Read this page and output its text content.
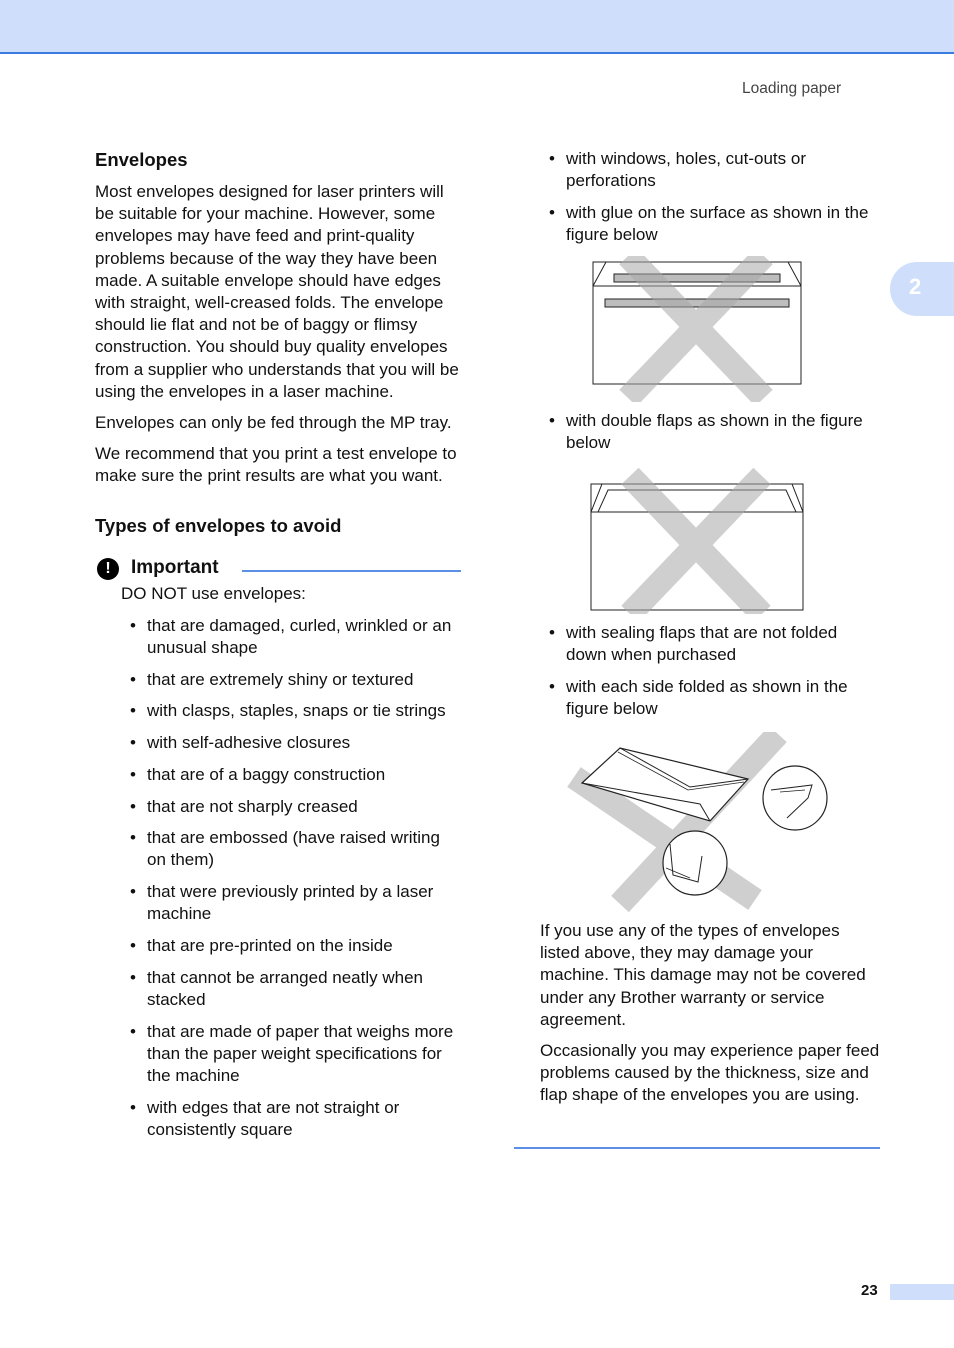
Loading paper
2
Envelopes

Most envelopes designed for laser printers will be suitable for your machine. However, some envelopes may have feed and print-quality problems because of the way they have been made. A suitable envelope should have edges with straight, well-creased folds. The envelope should lie flat and not be of baggy or flimsy construction. You should buy quality envelopes from a supplier who understands that you will be using the envelopes in a laser machine.

Envelopes can only be fed through the MP tray.

We recommend that you print a test envelope to make sure the print results are what you want.

Types of envelopes to avoid
!	Important

DO NOT use envelopes:

• that are damaged, curled, wrinkled or an unusual shape
• that are extremely shiny or textured
• with clasps, staples, snaps or tie strings
• with self-adhesive closures
• that are of a baggy construction
• that are not sharply creased
• that are embossed (have raised writing on them)
• that were previously printed by a laser machine
• that are pre-printed on the inside
• that cannot be arranged neatly when stacked
• that are made of paper that weighs more than the paper weight specifications for the machine
• with edges that are not straight or consistently square
• with windows, holes, cut-outs or perforations
• with glue on the surface as shown in the figure below
• with double flaps as shown in the figure below
• with sealing flaps that are not folded down when purchased
• with each side folded as shown in the figure below

If you use any of the types of envelopes listed above, they may damage your machine. This damage may not be covered under any Brother warranty or service agreement.

Occasionally you may experience paper feed problems caused by the thickness, size and flap shape of the envelopes you are using.

23
